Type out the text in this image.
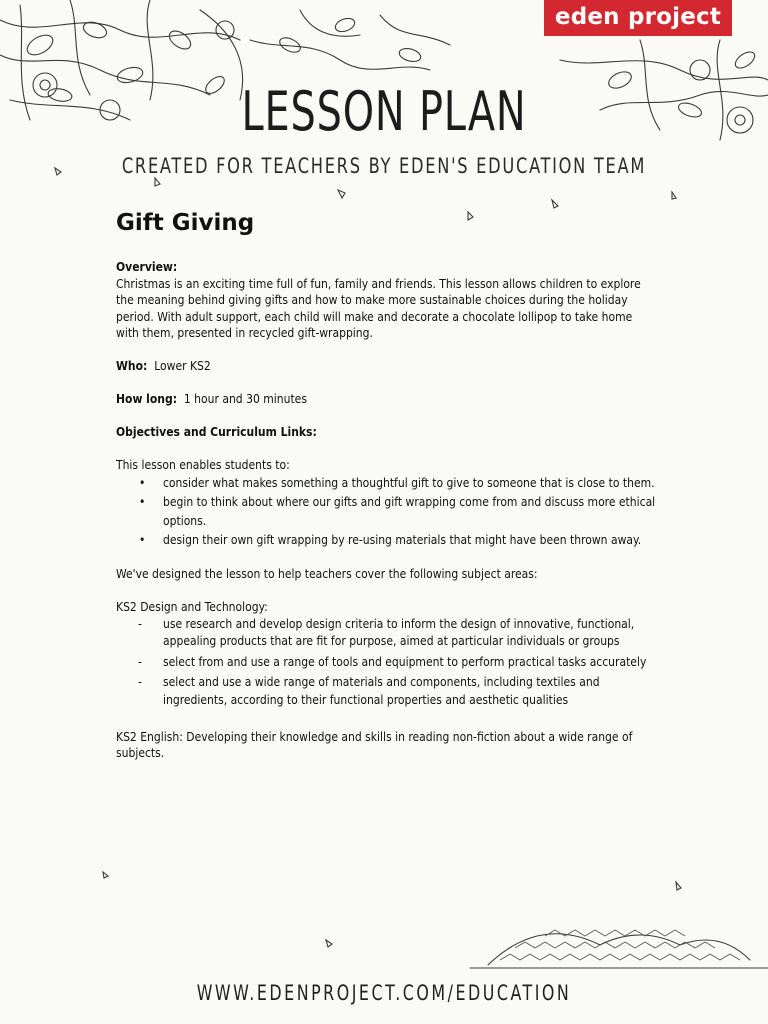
eden project
LESSON PLAN
CREATED FOR TEACHERS BY EDEN'S EDUCATION TEAM
Gift Giving

Overview:

Christmas is an exciting time full of fun, family and friends. This lesson allows children to explore the meaning behind giving gifts and how to make more sustainable choices during the holiday period. With adult support, each child will make and decorate a chocolate lollipop to take home with them, presented in recycled gift-wrapping.

Who: Lower KS2

How long: 1 hour and 30 minutes

Objectives and Curriculum Links:

This lesson enables students to:

• consider what makes something a thoughtful gift to give to someone that is close to them.
• begin to think about where our gifts and gift wrapping come from and discuss more ethical options.
• design their own gift wrapping by re-using materials that might have been thrown away.

We've designed the lesson to help teachers cover the following subject areas:

KS2 Design and Technology:

- use research and develop design criteria to inform the design of innovative, functional, appealing products that are fit for purpose, aimed at particular individuals or groups
- select from and use a range of tools and equipment to perform practical tasks accurately
- select and use a wide range of materials and components, including textiles and ingredients, according to their functional properties and aesthetic qualities

KS2 English: Developing their knowledge and skills in reading non-fiction about a wide range of subjects.

WWW.EDENPROJECT.COM/EDUCATION
